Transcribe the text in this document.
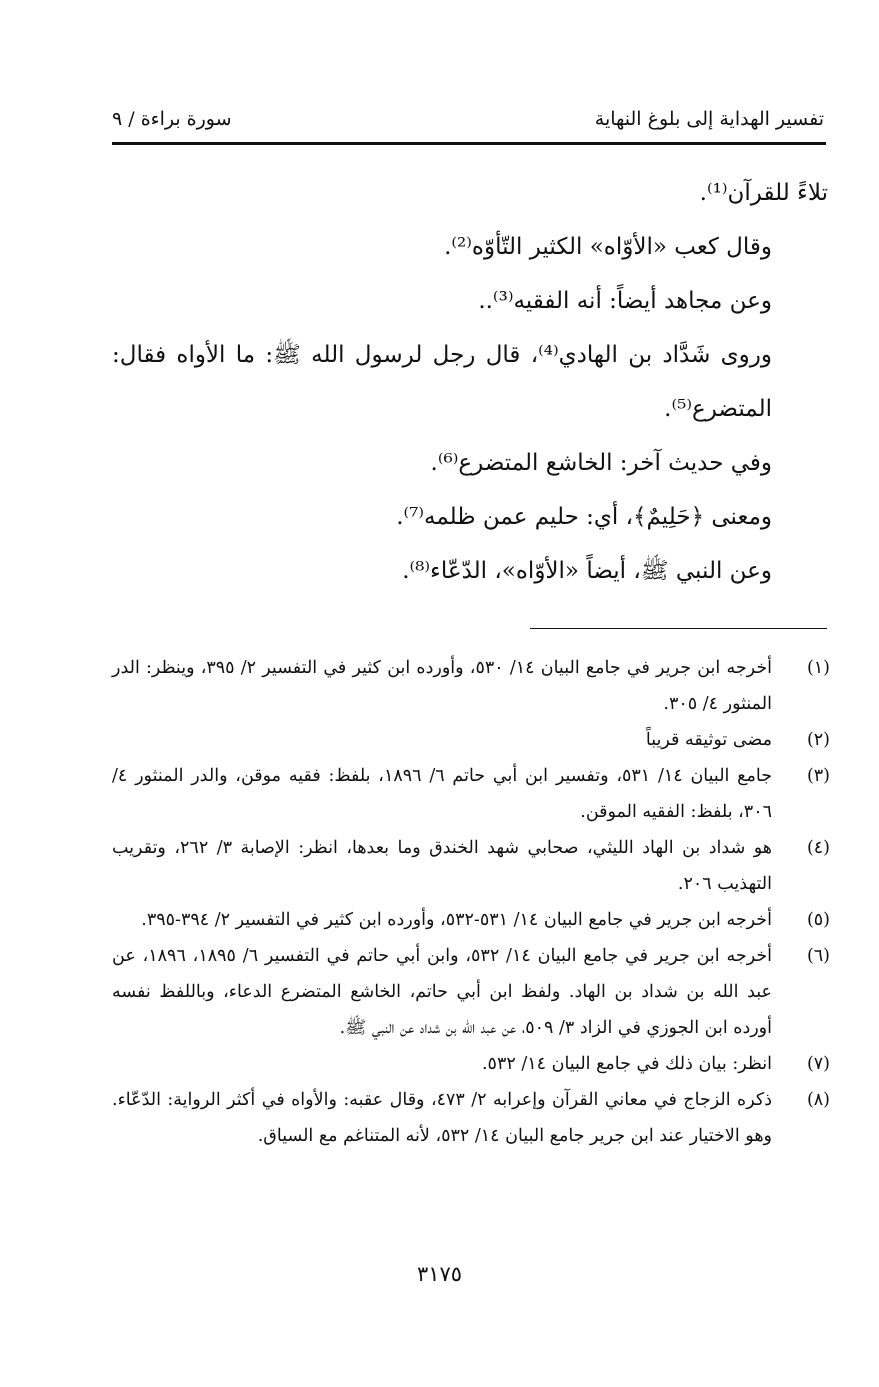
تفسير الهداية إلى بلوغ النهاية
سورة براءة / ٩

تلاءً للقرآن⁽¹⁾.

وقال كعب «الأوّاه» الكثير التّأوّه⁽²⁾.

وعن مجاهد أيضاً: أنه الفقيه⁽³⁾..

وروى شَدَّاد بن الهادي⁽⁴⁾، قال رجل لرسول الله ﷺ: ما الأواه فقال: المتضرع⁽⁵⁾.

وفي حديث آخر: الخاشع المتضرع⁽⁶⁾.

ومعنى ﴿حَلِيمٌ﴾، أي: حليم عمن ظلمه⁽⁷⁾.

وعن النبي ﷺ، أيضاً «الأوّاه»، الدّعّاء⁽⁸⁾.

(١)
أخرجه ابن جرير في جامع البيان ١٤/ ٥٣٠، وأورده ابن كثير في التفسير ٢/ ٣٩٥، وينظر: الدر المنثور ٤/ ٣٠٥.
(٢)
مضى توثيقه قريباً
(٣)
جامع البيان ١٤/ ٥٣١، وتفسير ابن أبي حاتم ٦/ ١٨٩٦، بلفظ: فقيه موقن، والدر المنثور ٤/ ٣٠٦، بلفظ: الفقيه الموقن.
(٤)
هو شداد بن الهاد الليثي، صحابي شهد الخندق وما بعدها، انظر: الإصابة ٣/ ٢٦٢، وتقريب التهذيب ٢٠٦.
(٥)
أخرجه ابن جرير في جامع البيان ١٤/ ٥٣١-٥٣٢، وأورده ابن كثير في التفسير ٢/ ٣٩٤-٣٩٥.
(٦)
أخرجه ابن جرير في جامع البيان ١٤/ ٥٣٢، وابن أبي حاتم في التفسير ٦/ ١٨٩٥، ١٨٩٦، عن عبد الله بن شداد بن الهاد. ولفظ ابن أبي حاتم، الخاشع المتضرع الدعاء، وباللفظ نفسه أورده ابن الجوزي في الزاد ٣/ ٥٠٩، عن عبد الله بن شداد عن النبي ﷺ.
(٧)
انظر: بيان ذلك في جامع البيان ١٤/ ٥٣٢.
(٨)
ذكره الزجاج في معاني القرآن وإعرابه ٢/ ٤٧٣، وقال عقبه: والأواه في أكثر الرواية: الدّعّاء. وهو الاختيار عند ابن جرير جامع البيان ١٤/ ٥٣٢، لأنه المتناغم مع السياق.
٣١٧٥
